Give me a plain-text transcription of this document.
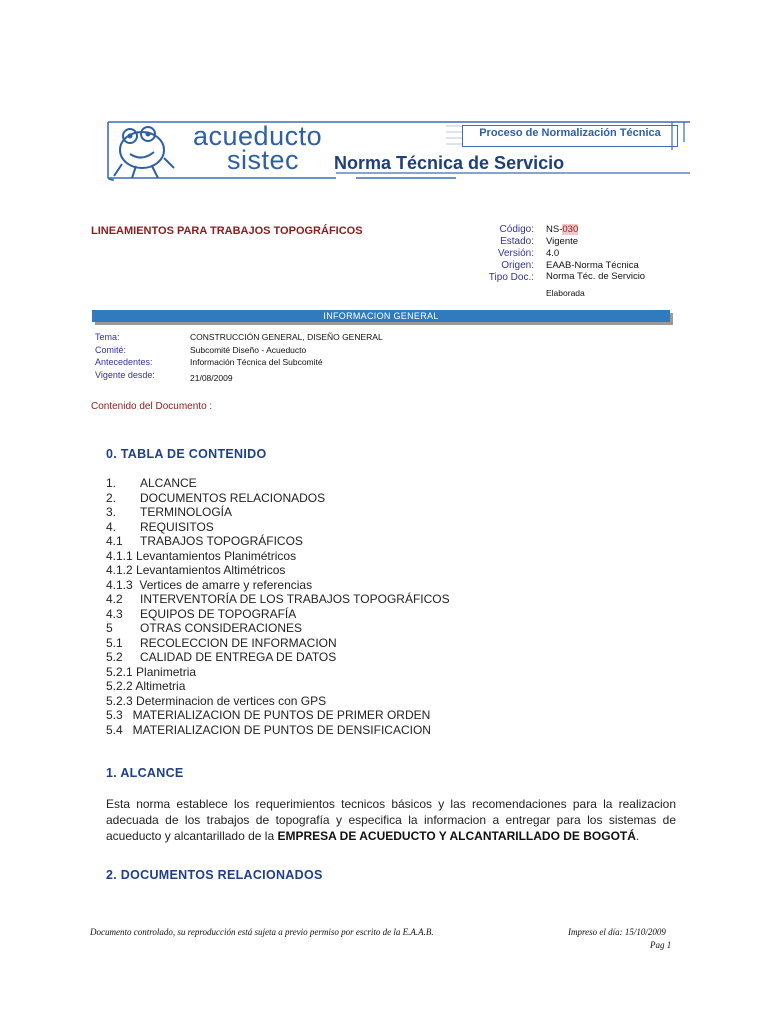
acueducto
sistec
Proceso de Normalización Técnica
Norma Técnica de Servicio
LINEAMIENTOS PARA TRABAJOS TOPOGRÁFICOS	Código: NS-030
Estado: Vigente
Versión: 4.0
Origen: EAAB-Norma Técnica
Tipo Doc.: Norma Téc. de Servicio
Elaborada
INFORMACION GENERAL
Tema:	CONSTRUCCIÓN GENERAL, DISEÑO GENERAL
Comité:	Subcomité Diseño - Acueducto
Antecedentes:	Información Técnica del Subcomité
Vigente desde:	21/08/2009
Contenido del Documento :
0. TABLA DE CONTENIDO
1. ALCANCE
2. DOCUMENTOS RELACIONADOS
3. TERMINOLOGÍA
4. REQUISITOS
4.1 TRABAJOS TOPOGRÁFICOS
4.1.1 Levantamientos Planimétricos
4.1.2 Levantamientos Altimétricos
4.1.3  Vertices de amarre y referencias
4.2 INTERVENTORÍA DE LOS TRABAJOS TOPOGRÁFICOS
4.3 EQUIPOS DE TOPOGRAFÍA
5 OTRAS CONSIDERACIONES
5.1 RECOLECCION DE INFORMACION
5.2 CALIDAD DE ENTREGA DE DATOS
5.2.1 Planimetria
5.2.2 Altimetria
5.2.3 Determinacion de vertices con GPS
5.3   MATERIALIZACION DE PUNTOS DE PRIMER ORDEN
5.4   MATERIALIZACION DE PUNTOS DE DENSIFICACION
1. ALCANCE
Esta norma establece los requerimientos tecnicos básicos y las recomendaciones para la realizacion adecuada de los trabajos de topografía y especifica la informacion a entregar para los sistemas de acueducto y alcantarillado de la EMPRESA DE ACUEDUCTO Y ALCANTARILLADO DE BOGOTÁ.
2. DOCUMENTOS RELACIONADOS
Documento controlado, su reproducción está sujeta a previo permiso por escrito de la E.A.A.B.	Impreso el día: 15/10/2009
Pag 1
